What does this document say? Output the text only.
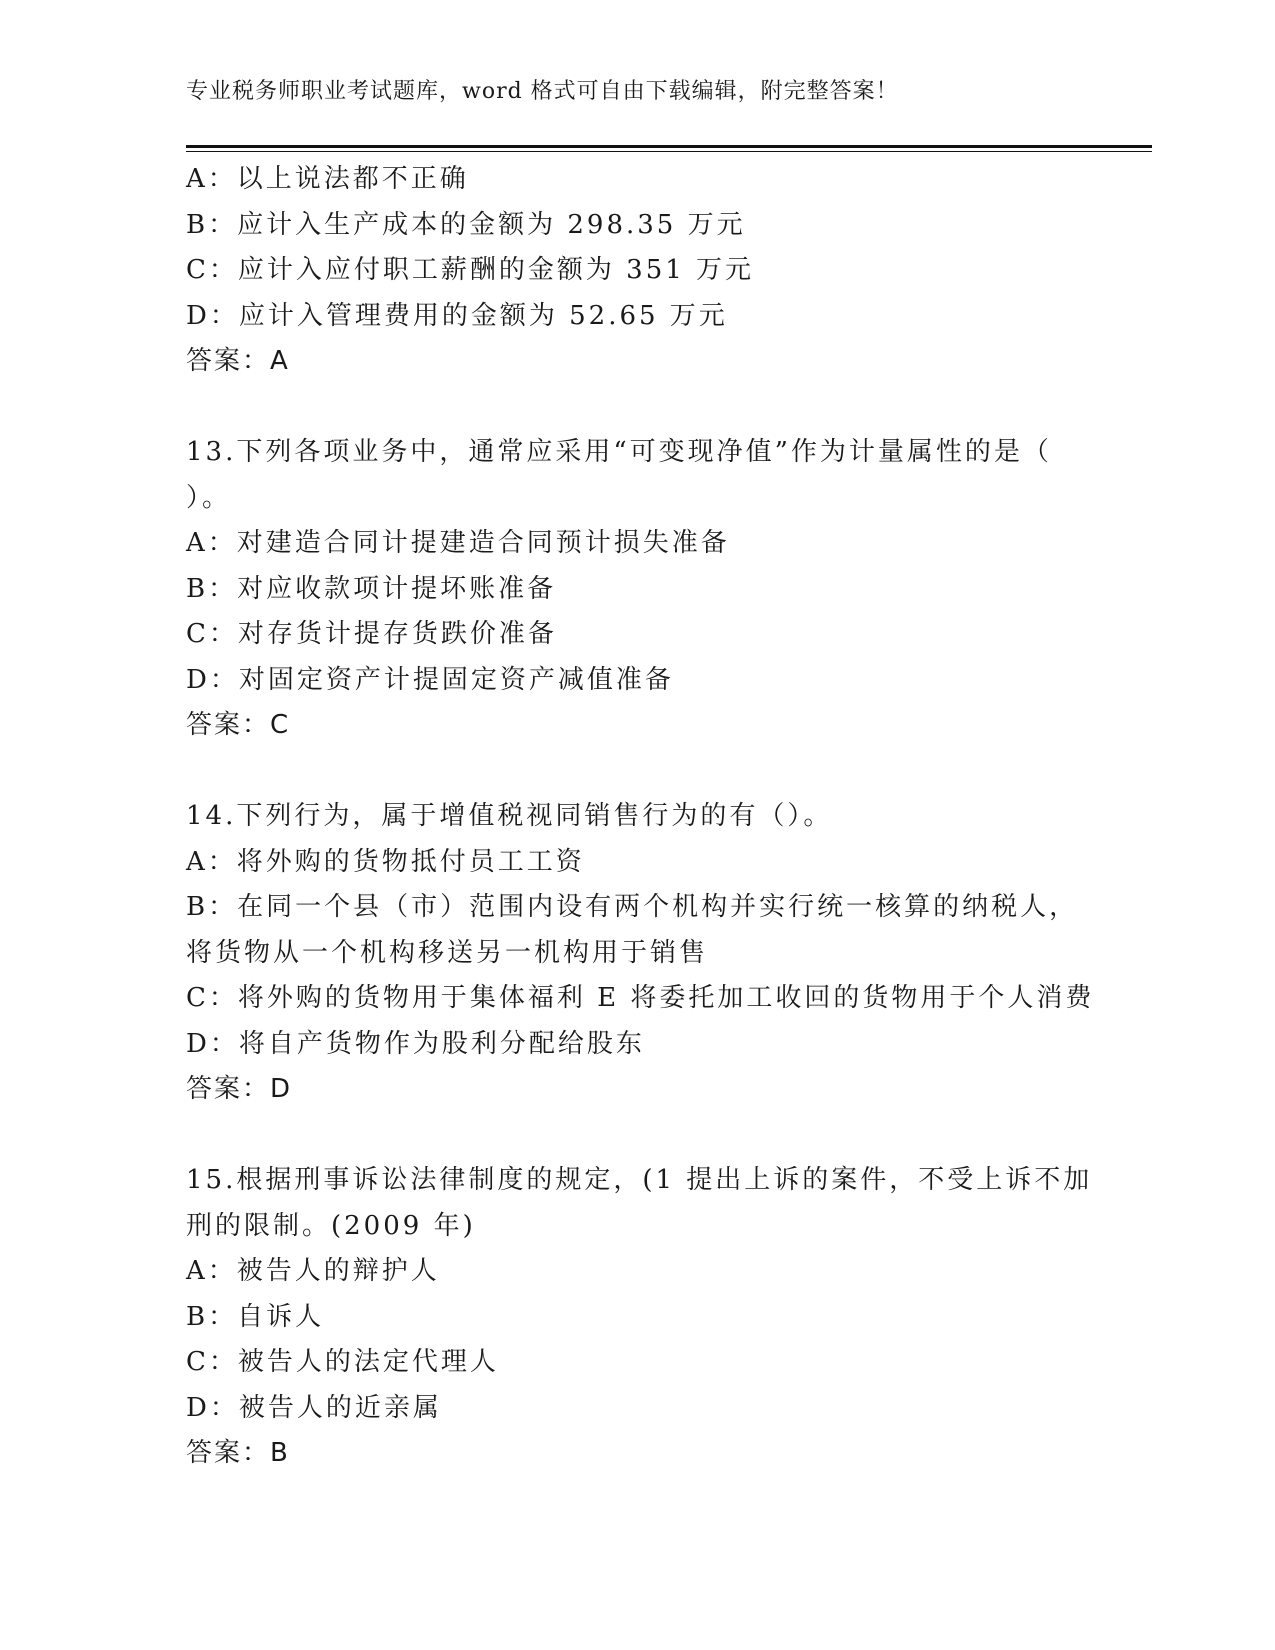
专业税务师职业考试题库，word 格式可自由下载编辑，附完整答案！
A：以上说法都不正确
B：应计入生产成本的金额为 298.35 万元
C：应计入应付职工薪酬的金额为 351 万元
D：应计入管理费用的金额为 52.65 万元
答案：A
13.下列各项业务中，通常应采用“可变现净值”作为计量属性的是（
）。
A：对建造合同计提建造合同预计损失准备
B：对应收款项计提坏账准备
C：对存货计提存货跌价准备
D：对固定资产计提固定资产减值准备
答案：C
14.下列行为，属于增值税视同销售行为的有（）。
A：将外购的货物抵付员工工资
B：在同一个县（市）范围内设有两个机构并实行统一核算的纳税人，
将货物从一个机构移送另一机构用于销售
C：将外购的货物用于集体福利 E 将委托加工收回的货物用于个人消费
D：将自产货物作为股利分配给股东
答案：D
15.根据刑事诉讼法律制度的规定，(1 提出上诉的案件，不受上诉不加
刑的限制。(2009 年)
A：被告人的辩护人
B：自诉人
C：被告人的法定代理人
D：被告人的近亲属
答案：B
